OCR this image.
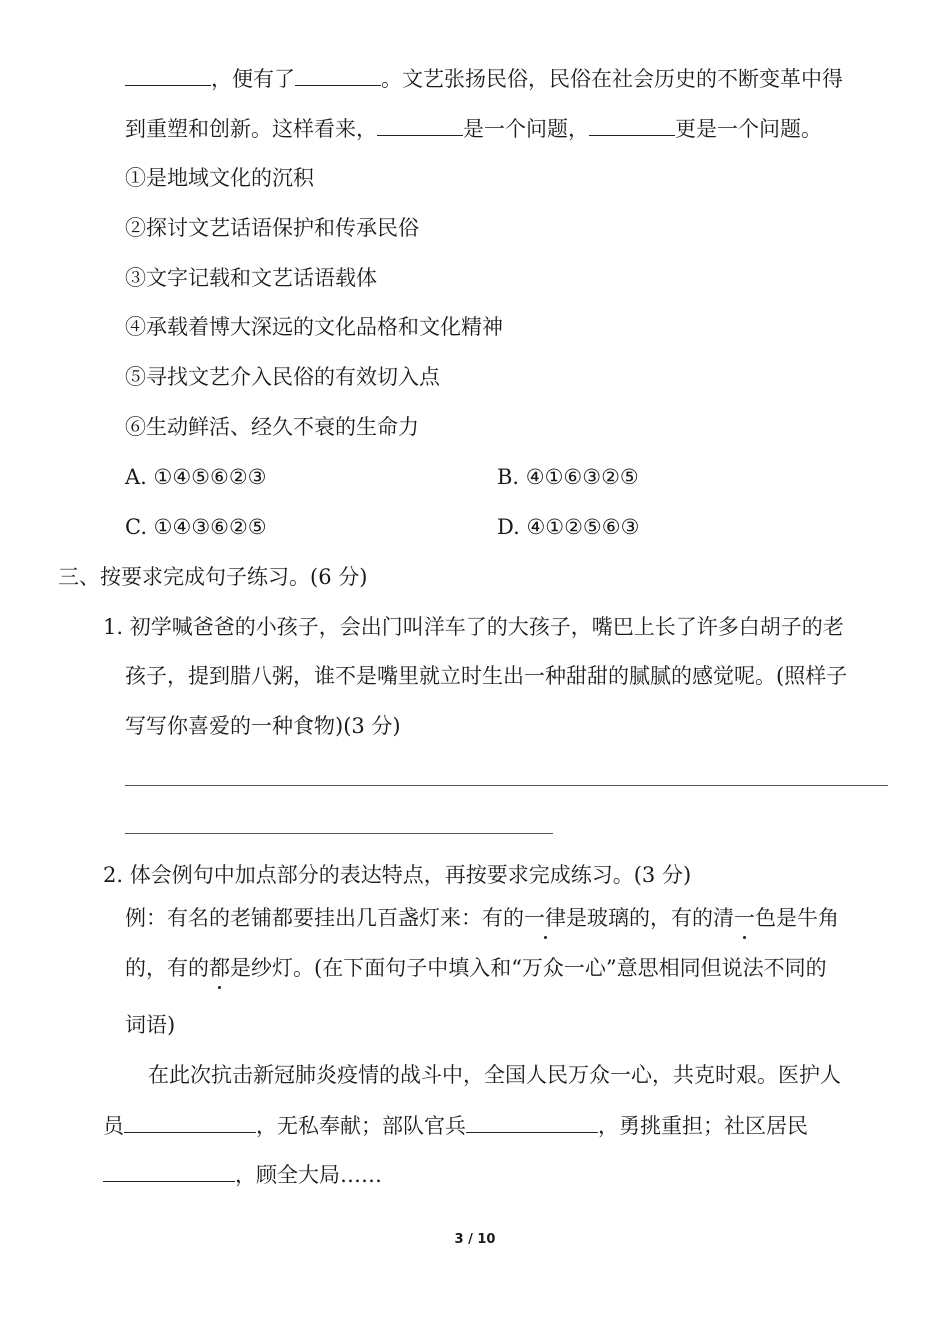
，便有了	。文艺张扬民俗，民俗在社会历史的不断变革中得
到重塑和创新。这样看来，	是一个问题，	更是一个问题。
①是地域文化的沉积
②探讨文艺话语保护和传承民俗
③文字记载和文艺话语载体
④承载着博大深远的文化品格和文化精神
⑤寻找文艺介入民俗的有效切入点
⑥生动鲜活、经久不衰的生命力
A. ①④⑤⑥②③	B. ④①⑥③②⑤
C. ①④③⑥②⑤	D. ④①②⑤⑥③
三、按要求完成句子练习。(6 分)
1. 初学喊爸爸的小孩子，会出门叫洋车了的大孩子，嘴巴上长了许多白胡子的老
孩子，提到腊八粥，谁不是嘴里就立时生出一种甜甜的腻腻的感觉呢。(照样子
写写你喜爱的一种食物)(3 分)
2. 体会例句中加点部分的表达特点，再按要求完成练习。(3 分)
例：有名的老铺都要挂出几百盏灯来：有的一律是玻璃的，有的清一色是牛角
的，有的都是纱灯。(在下面句子中填入和“万众一心”意思相同但说法不同的
词语)
在此次抗击新冠肺炎疫情的战斗中，全国人民万众一心，共克时艰。医护人
员	，无私奉献；部队官兵	，勇挑重担；社区居民
，顾全大局……
3 / 10
